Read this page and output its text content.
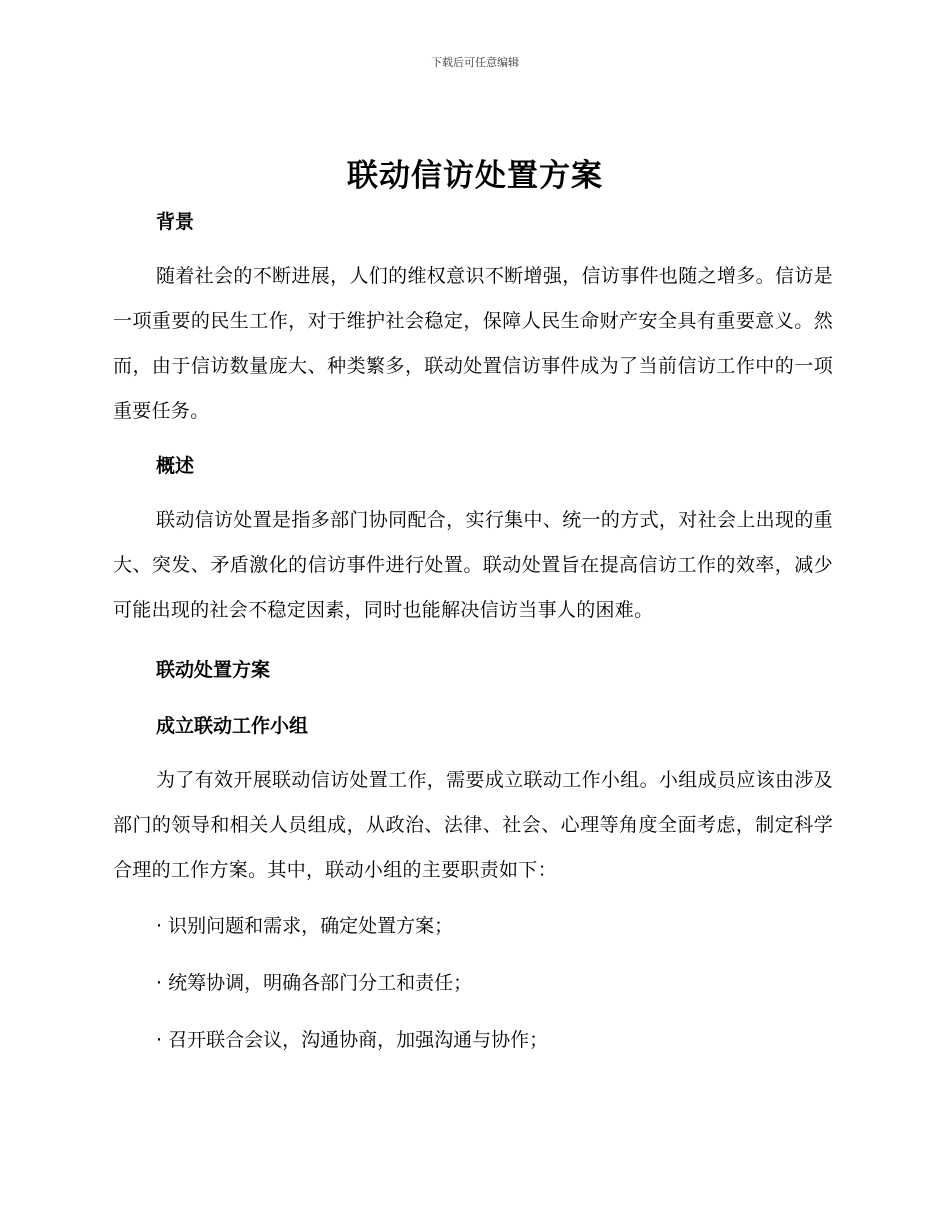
下载后可任意编辑
联动信访处置方案

背景

随着社会的不断进展，人们的维权意识不断增强，信访事件也随之增多。信访是一项重要的民生工作，对于维护社会稳定，保障人民生命财产安全具有重要意义。然而，由于信访数量庞大、种类繁多，联动处置信访事件成为了当前信访工作中的一项重要任务。

概述

联动信访处置是指多部门协同配合，实行集中、统一的方式，对社会上出现的重大、突发、矛盾激化的信访事件进行处置。联动处置旨在提高信访工作的效率，减少可能出现的社会不稳定因素，同时也能解决信访当事人的困难。

联动处置方案

成立联动工作小组

为了有效开展联动信访处置工作，需要成立联动工作小组。小组成员应该由涉及部门的领导和相关人员组成，从政治、法律、社会、心理等角度全面考虑，制定科学合理的工作方案。其中，联动小组的主要职责如下：

· 识别问题和需求，确定处置方案；

· 统筹协调，明确各部门分工和责任；

· 召开联合会议，沟通协商，加强沟通与协作；
